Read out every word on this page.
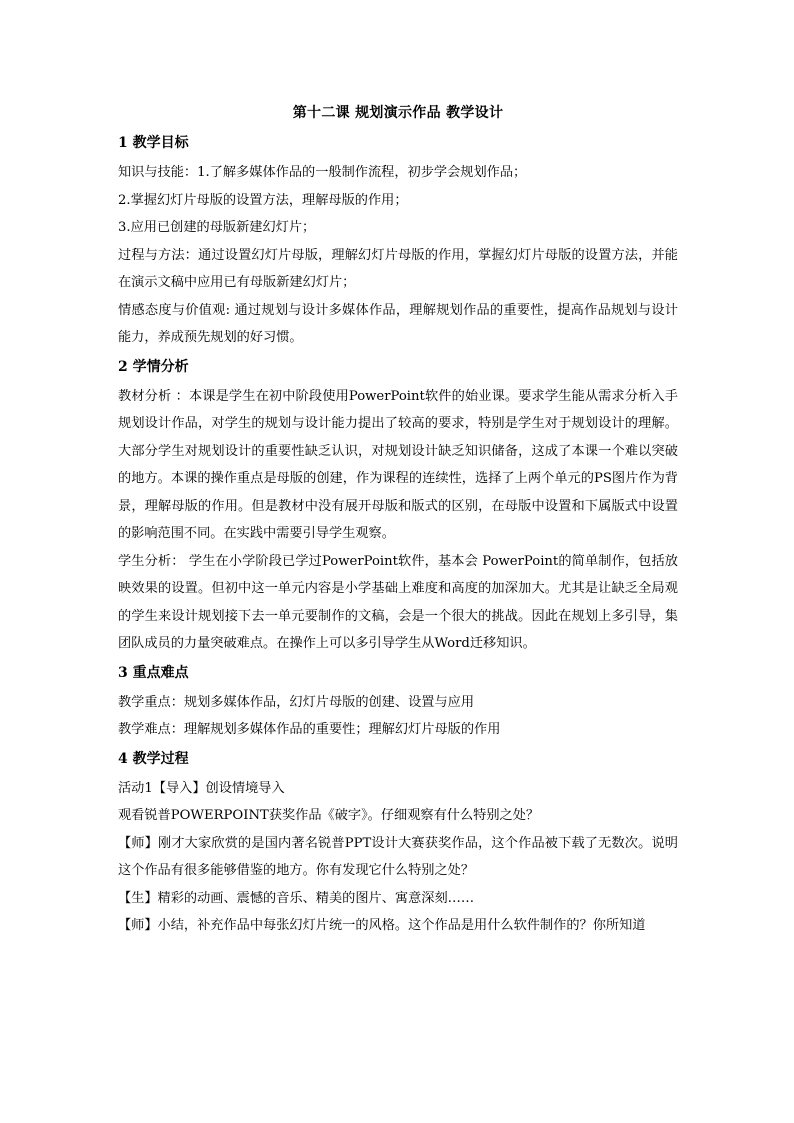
第十二课 规划演示作品 教学设计
1 教学目标
知识与技能：1.了解多媒体作品的一般制作流程，初步学会规划作品；
2.掌握幻灯片母版的设置方法，理解母版的作用；
3.应用已创建的母版新建幻灯片；
过程与方法：通过设置幻灯片母版，理解幻灯片母版的作用，掌握幻灯片母版的设置方法，并能在演示文稿中应用已有母版新建幻灯片；
情感态度与价值观: 通过规划与设计多媒体作品，理解规划作品的重要性，提高作品规划与设计能力，养成预先规划的好习惯。
2 学情分析
教材分析 ：本课是学生在初中阶段使用PowerPoint软件的始业课。要求学生能从需求分析入手规划设计作品，对学生的规划与设计能力提出了较高的要求，特别是学生对于规划设计的理解。大部分学生对规划设计的重要性缺乏认识，对规划设计缺乏知识储备，这成了本课一个难以突破的地方。本课的操作重点是母版的创建，作为课程的连续性，选择了上两个单元的PS图片作为背景，理解母版的作用。但是教材中没有展开母版和版式的区别，在母版中设置和下属版式中设置的影响范围不同。在实践中需要引导学生观察。
学生分析： 学生在小学阶段已学过PowerPoint软件，基本会 PowerPoint的简单制作，包括放映效果的设置。但初中这一单元内容是小学基础上难度和高度的加深加大。尤其是让缺乏全局观的学生来设计规划接下去一单元要制作的文稿，会是一个很大的挑战。因此在规划上多引导，集团队成员的力量突破难点。在操作上可以多引导学生从Word迁移知识。
3 重点难点
教学重点：规划多媒体作品，幻灯片母版的创建、设置与应用
教学难点：理解规划多媒体作品的重要性；理解幻灯片母版的作用
4 教学过程
活动1【导入】创设情境导入
观看锐普POWERPOINT获奖作品《破字》。仔细观察有什么特别之处？
【师】刚才大家欣赏的是国内著名锐普PPT设计大赛获奖作品，这个作品被下载了无数次。说明这个作品有很多能够借鉴的地方。你有发现它什么特别之处？
【生】精彩的动画、震憾的音乐、精美的图片、寓意深刻……
【师】小结，补充作品中每张幻灯片统一的风格。这个作品是用什么软件制作的？你所知道
